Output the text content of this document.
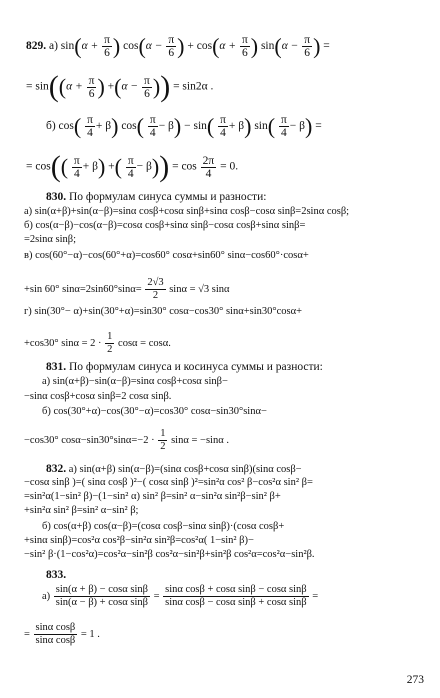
829. а) $\sin(\alpha + \frac{\pi}{6}$ ) $\cos(\alpha - \frac{\pi}{6}$ ) + $\cos(\alpha + \frac{\pi}{6}$ ) $\sin(\alpha - \frac{\pi}{6}$ ) =
= $\sin((\alpha + \frac{\pi}{6}$ ) $+(\alpha - \frac{\pi}{6}$ )) = sin2α .
б) $\cos( \frac{\pi}{4} + \beta)$ $\cos( \frac{\pi}{4} - \beta) - \sin( \frac{\pi}{4} + \beta)$ $\sin( \frac{\pi}{4} - \beta)$ =
= $\cos(( \frac{\pi}{4} + \beta)$ +( $\frac{\pi}{4} - \beta)) = \cos \frac{2\pi}{4} = 0$.
830. По формулам синуса суммы и разности:
а) sin(α+β)+sin(α−β)=sinα cosβ+cosα sinβ+sinα cosβ−cosα sinβ=2sinα cosβ;
б) cos(α−β)−cos(α−β)=cosα cosβ+sinα sinβ−cosα cosβ+sinα sinβ=
=2sinα sinβ;
в) cos(60°−α)−cos(60°+α)=cos60° cosα+sin60° sinα−cos60°·cosα+
+sin 60° $\sin\alpha=2\sin 60^\circ\sin\alpha= \frac{2√3}{2}$ sinα = √3 sinα
г) sin(30°− α)+sin(30°+α)=sin30° cosα−cos30° sinα+sin30°cosα+
+cos30° $\sin\alpha = 2 \cdot \frac{1}{2}$ cosα = cosα.
831. По формулам синуса и косинуса суммы и разности:
а) sin(α+β)−sin(α−β)=sinα cosβ+cosα sinβ−
−sinα cosβ+cosα sinβ=2 cosα sinβ.
б) cos(30°+α)−cos(30°−α)=cos30° cosα−sin30°sinα−
−cos30° $\cos\alpha-\sin 30^\circ\sin\alpha=-2 \cdot \frac{1}{2}$ sinα = −sinα .
832. а) sin(α+β) sin(α−β)=(sinα cosβ+cosα sinβ)(sinα cosβ−
−cosα sinβ )=( sinα cosβ )²−( cosα sinβ )²=sin²α cos² β−cos²α sin² β=
=sin²α(1−sin² β)−(1−sin² α) sin² β=sin² α−sin²α sin²β−sin² β+
+sin²α sin² β=sin² α−sin² β;
б) cos(α+β) cos(α−β)=(cosα cosβ−sinα sinβ)·(cosα cosβ+
+sinα sinβ)=cos²α cos²β−sin²α sin²β=cos²α( 1−sin² β)−
−sin² β·(1−cos²α)=cos²α−sin²β cos²α−sin²β+sin²β cos²α=cos²α−sin²β.
833.
$а) \frac{\text{sin(α + β) − cosα sinβ}}{\text{sin(α − β) + cosα sinβ}} = \frac{\text{sinα cosβ + cosα sinβ − cosα sinβ}}{\text{sinα cosβ − cosα sinβ + cosα sinβ}}$ =
= $\frac{\text{sinα cosβ}}{\text{sinα cosβ}} = 1$ .
273
